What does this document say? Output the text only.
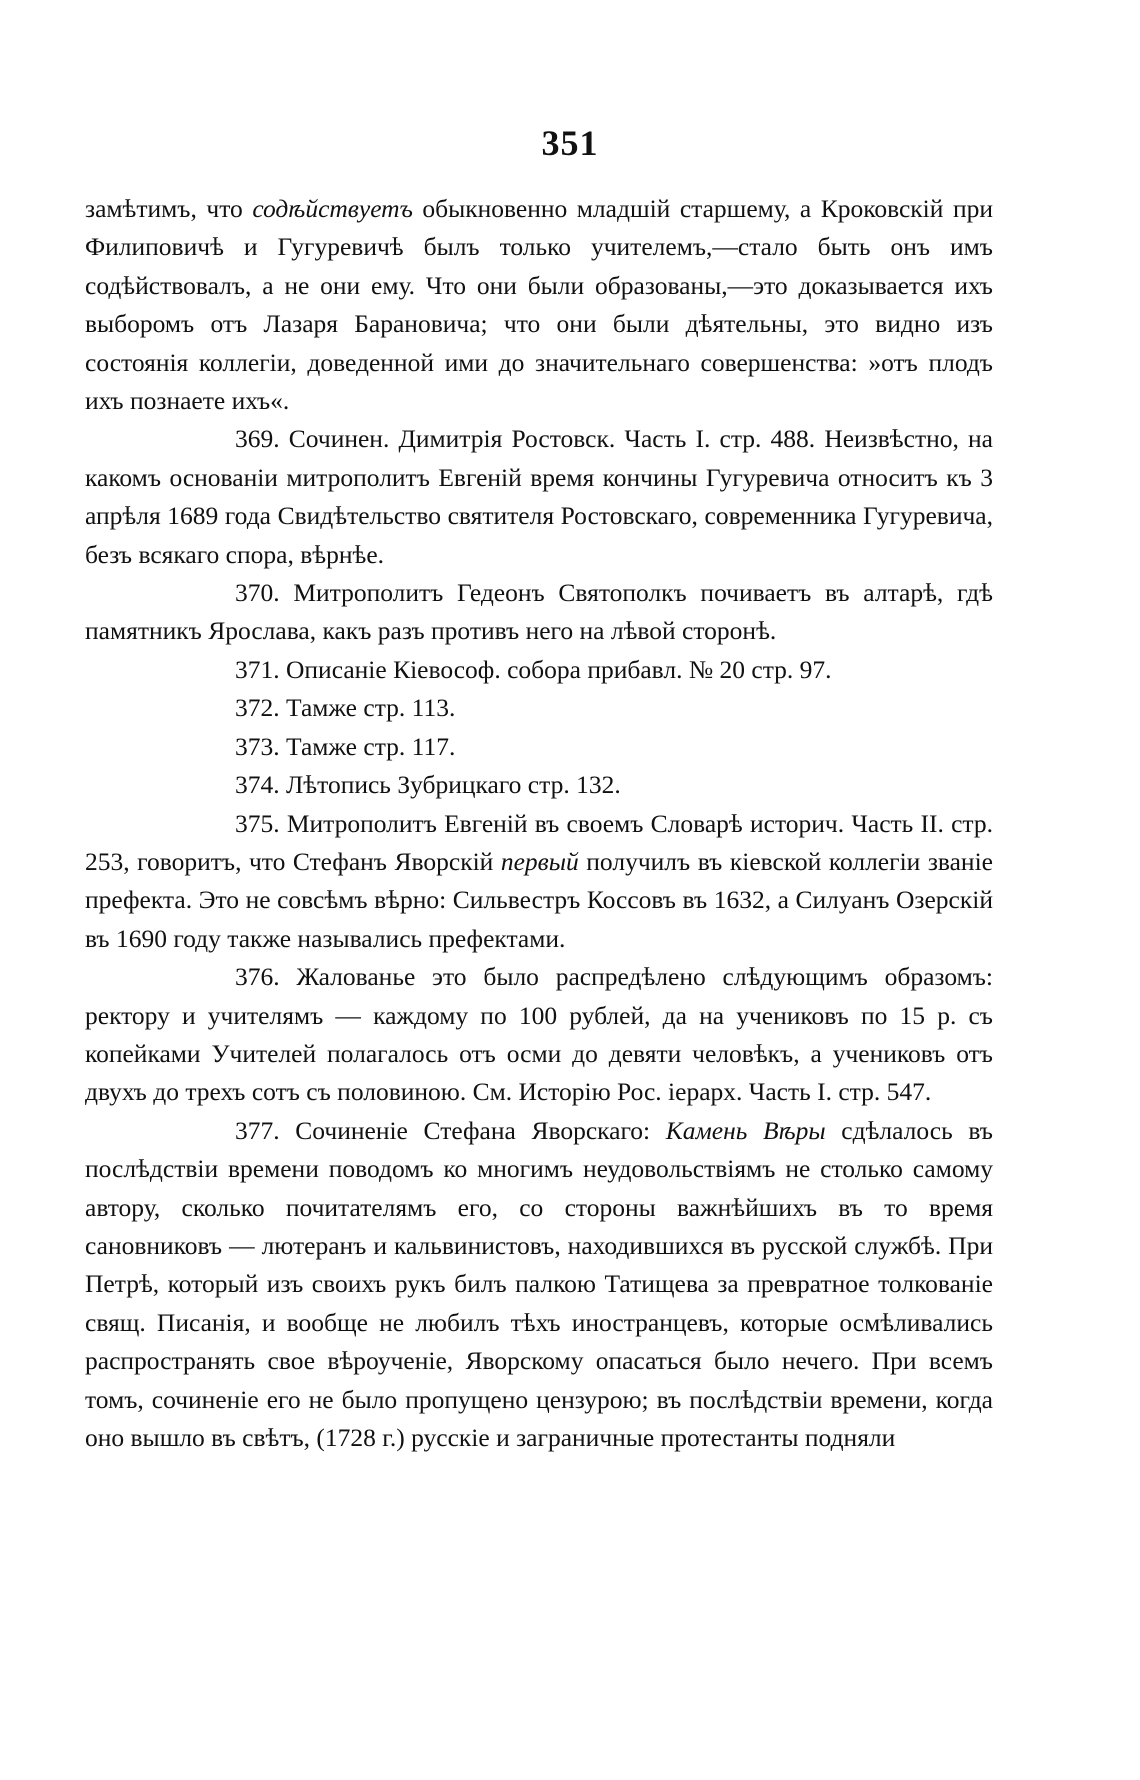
351

замѣтимъ, что содѣйствуетъ обыкновенно младшій старшему, а Кроковскій при Филиповичѣ и Гугуревичѣ былъ только учителемъ,—стало быть онъ имъ содѣйствовалъ, а не они ему. Что они были образованы,—это доказывается ихъ выборомъ отъ Лазаря Барановича; что они были дѣятельны, это видно изъ состоянія коллегіи, доведенной ими до значительнаго совершенства: »отъ плодъ ихъ познаете ихъ«.

369. Сочинен. Димитрія Ростовск. Часть I. стр. 488. Неизвѣстно, на какомъ основаніи митрополитъ Евгеній время кончины Гугуревича относитъ къ 3 апрѣля 1689 года Свидѣтельство святителя Ростовскаго, современника Гугуревича, безъ всякаго спора, вѣрнѣе.

370. Митрополитъ Гедеонъ Святополкъ почиваетъ въ алтарѣ, гдѣ памятникъ Ярослава, какъ разъ противъ него на лѣвой сторонѣ.

371. Описаніе Кіевософ. собора прибавл. № 20 стр. 97.

372. Тамже стр. 113.

373. Тамже стр. 117.

374. Лѣтопись Зубрицкаго стр. 132.

375. Митрополитъ Евгеній въ своемъ Словарѣ историч. Часть II. стр. 253, говоритъ, что Стефанъ Яворскій первый получилъ въ кіевской коллегіи званіе префекта. Это не совсѣмъ вѣрно: Сильвестръ Коссовъ въ 1632, а Силуанъ Озерскій въ 1690 году также назывались префектами.

376. Жалованье это было распредѣлено слѣдующимъ образомъ: ректору и учителямъ — каждому по 100 рублей, да на учениковъ по 15 р. съ копейками Учителей полагалось отъ осми до девяти человѣкъ, а учениковъ отъ двухъ до трехъ сотъ съ половиною. См. Исторію Рос. іерарх. Часть I. стр. 547.

377. Сочиненіе Стефана Яворскаго: Камень Вѣры сдѣлалось въ послѣдствіи времени поводомъ ко многимъ неудовольствіямъ не столько самому автору, сколько почитателямъ его, со стороны важнѣйшихъ въ то время сановниковъ — лютеранъ и кальвинистовъ, находившихся въ русской службѣ. При Петрѣ, который изъ своихъ рукъ билъ палкою Татищева за превратное толкованіе свящ. Писанія, и вообще не любилъ тѣхъ иностранцевъ, которые осмѣливались распространять свое вѣроученіе, Яворскому опасаться было нечего. При всемъ томъ, сочиненіе его не было пропущено цензурою; въ послѣдствіи времени, когда оно вышло въ свѣтъ, (1728 г.) русскіе и заграничные протестанты подняли
